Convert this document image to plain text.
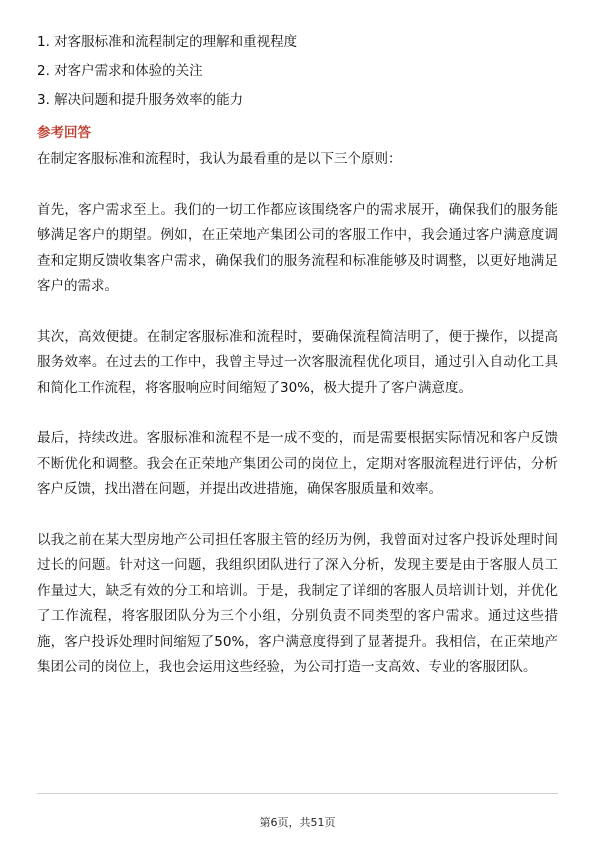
1. 对客服标准和流程制定的理解和重视程度
2. 对客户需求和体验的关注
3. 解决问题和提升服务效率的能力
参考回答

在制定客服标准和流程时，我认为最看重的是以下三个原则：

首先，客户需求至上。我们的一切工作都应该围绕客户的需求展开，确保我们的服务能够满足客户的期望。例如，在正荣地产集团公司的客服工作中，我会通过客户满意度调查和定期反馈收集客户需求，确保我们的服务流程和标准能够及时调整，以更好地满足客户的需求。

其次，高效便捷。在制定客服标准和流程时，要确保流程简洁明了，便于操作，以提高服务效率。在过去的工作中，我曾主导过一次客服流程优化项目，通过引入自动化工具和简化工作流程，将客服响应时间缩短了30%，极大提升了客户满意度。

最后，持续改进。客服标准和流程不是一成不变的，而是需要根据实际情况和客户反馈不断优化和调整。我会在正荣地产集团公司的岗位上，定期对客服流程进行评估，分析客户反馈，找出潜在问题，并提出改进措施，确保客服质量和效率。

以我之前在某大型房地产公司担任客服主管的经历为例，我曾面对过客户投诉处理时间过长的问题。针对这一问题，我组织团队进行了深入分析，发现主要是由于客服人员工作量过大，缺乏有效的分工和培训。于是，我制定了详细的客服人员培训计划，并优化了工作流程，将客服团队分为三个小组，分别负责不同类型的客户需求。通过这些措施，客户投诉处理时间缩短了50%，客户满意度得到了显著提升。我相信，在正荣地产集团公司的岗位上，我也会运用这些经验，为公司打造一支高效、专业的客服团队。

第6页，共51页
